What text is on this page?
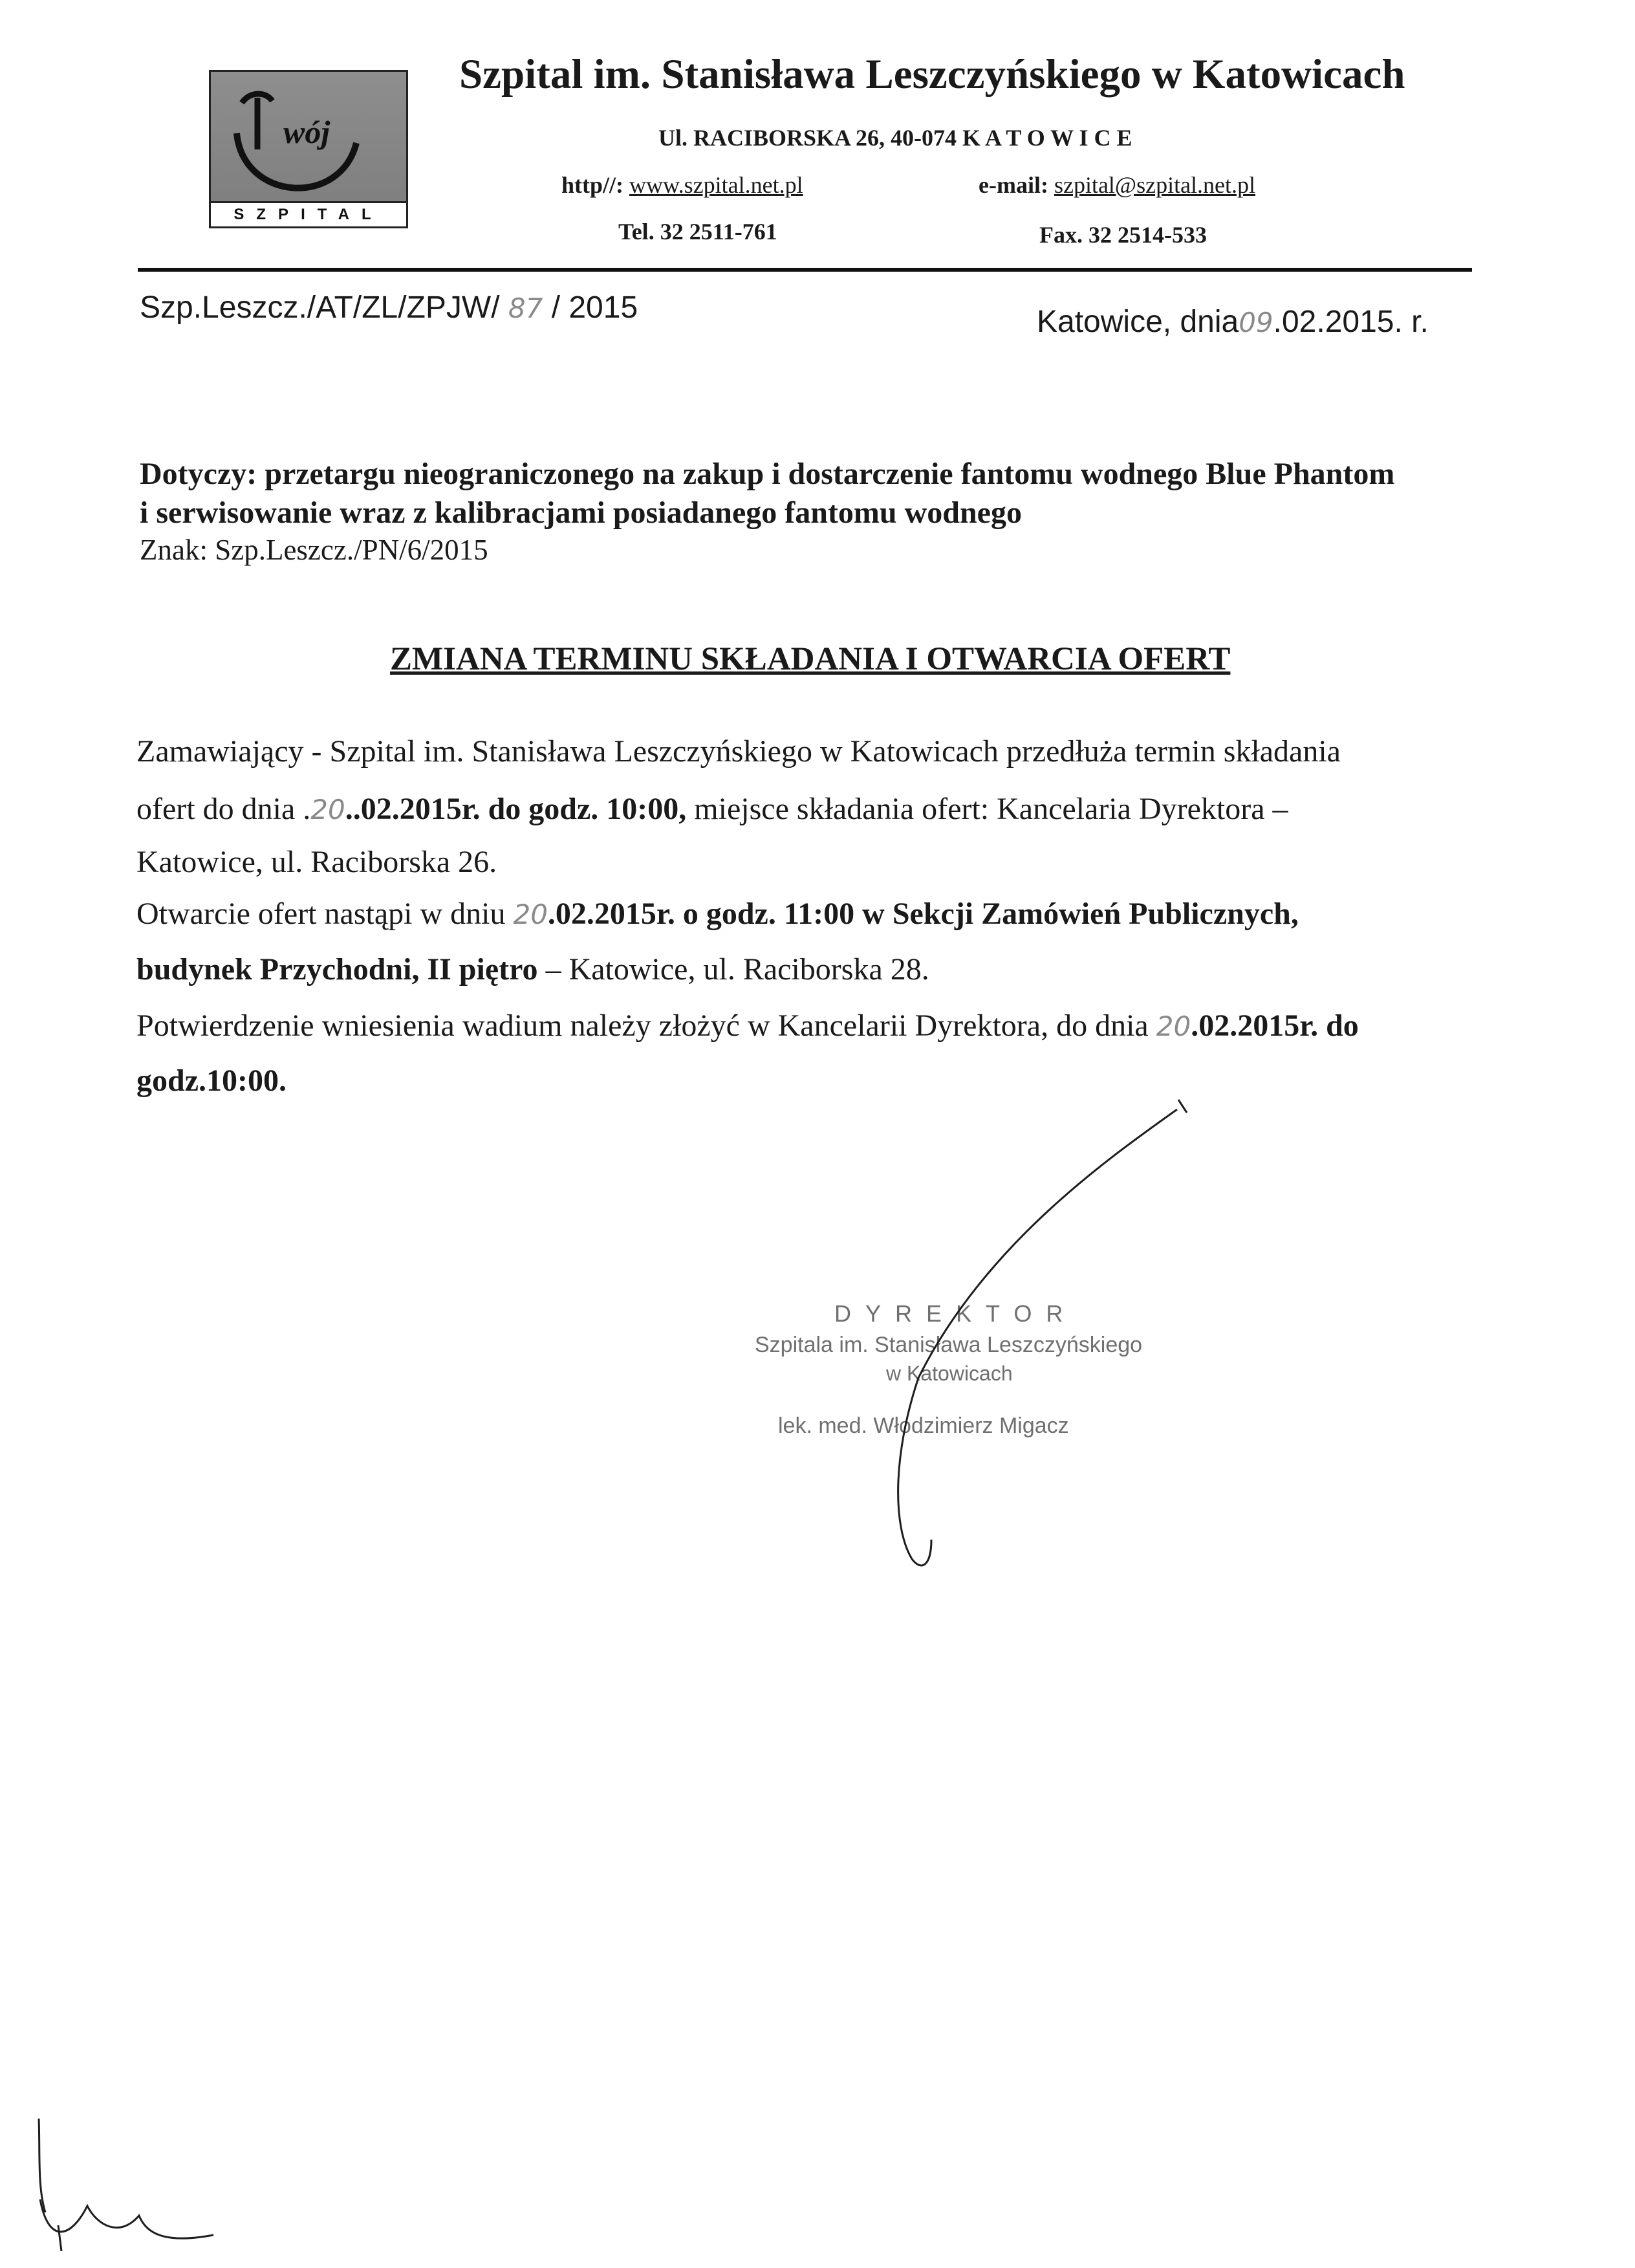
wój
SZPITAL
Szpital im. Stanisława Leszczyńskiego w Katowicach
Ul. RACIBORSKA 26, 40-074 K A T O W I C E
http//: www.szpital.net.pl	e-mail: szpital@szpital.net.pl
Tel. 32 2511-761	Fax. 32 2514-533
Szp.Leszcz./AT/ZL/ZPJW/ 87 / 2015	Katowice, dnia09.02.2015. r.
Dotyczy: przetargu nieograniczonego na zakup i dostarczenie fantomu wodnego Blue Phantom
i serwisowanie wraz z kalibracjami posiadanego fantomu wodnego
Znak: Szp.Leszcz./PN/6/2015
ZMIANA TERMINU SKŁADANIA I OTWARCIA OFERT
Zamawiający - Szpital im. Stanisława Leszczyńskiego w Katowicach przedłuża termin składania
ofert do dnia .20..02.2015r. do godz. 10:00, miejsce składania ofert: Kancelaria Dyrektora –
Katowice, ul. Raciborska 26.
Otwarcie ofert nastąpi w dniu 20.02.2015r. o godz. 11:00 w Sekcji Zamówień Publicznych,
budynek Przychodni, II piętro – Katowice, ul. Raciborska 28.
Potwierdzenie wniesienia wadium należy złożyć w Kancelarii Dyrektora, do dnia 20.02.2015r. do
godz.10:00.
DYREKTOR
Szpitala im. Stanisława Leszczyńskiego
w Katowicach
lek. med. Włodzimierz Migacz
